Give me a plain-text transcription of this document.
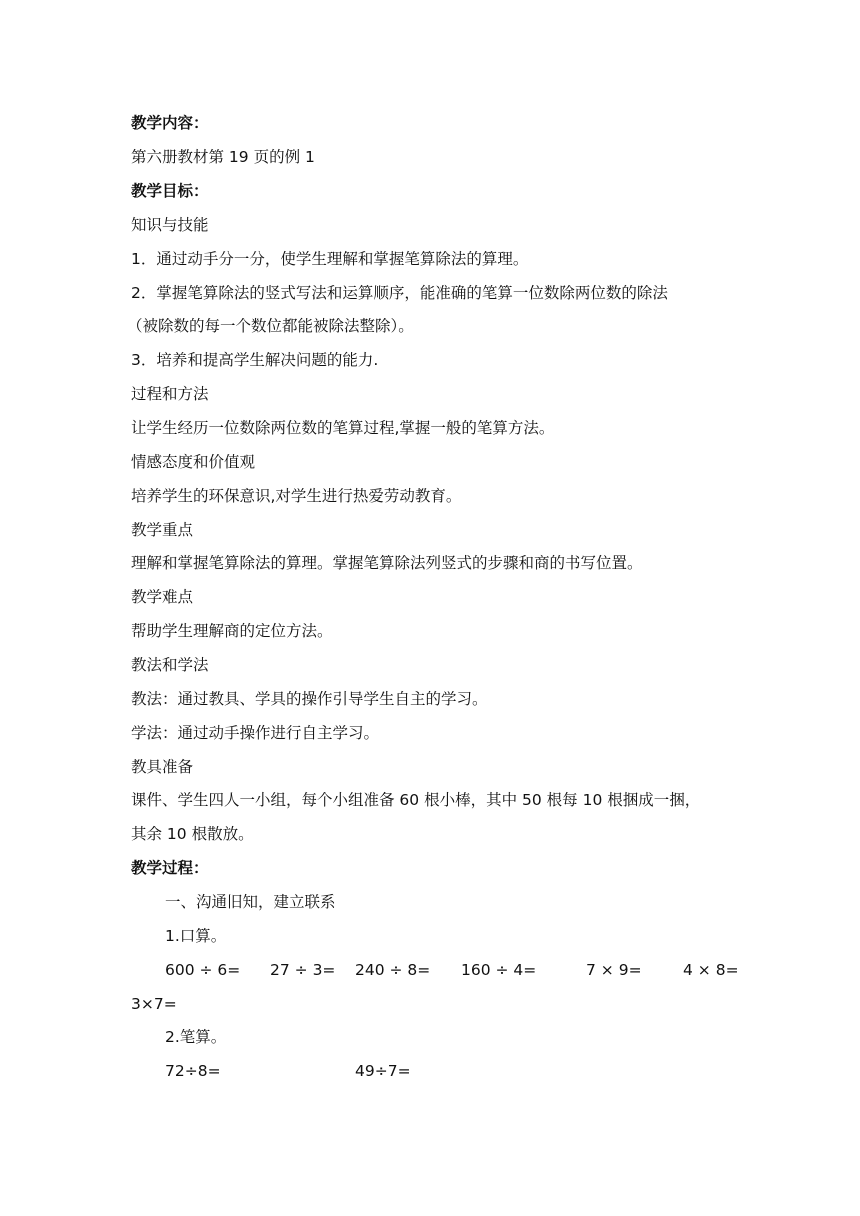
教学内容：
第六册教材第 19 页的例 1
教学目标：
知识与技能
1．通过动手分一分，使学生理解和掌握笔算除法的算理。
2．掌握笔算除法的竖式写法和运算顺序，能准确的笔算一位数除两位数的除法
（被除数的每一个数位都能被除法整除）。
3．培养和提高学生解决问题的能力.
过程和方法
让学生经历一位数除两位数的笔算过程,掌握一般的笔算方法。
情感态度和价值观
培养学生的环保意识,对学生进行热爱劳动教育。
教学重点
理解和掌握笔算除法的算理。掌握笔算除法列竖式的步骤和商的书写位置。
教学难点
帮助学生理解商的定位方法。
教法和学法
教法：通过教具、学具的操作引导学生自主的学习。
学法：通过动手操作进行自主学习。
教具准备
课件、学生四人一小组，每个小组准备 60 根小棒，其中 50 根每 10 根捆成一捆，
其余 10 根散放。
教学过程：
一、沟通旧知，建立联系
1.口算。
600 ÷ 6= 27 ÷ 3= 240 ÷ 8= 160 ÷ 4=	7 × 9=	4 × 8=
3×7=
2.笔算。
72÷8=	49÷7=
